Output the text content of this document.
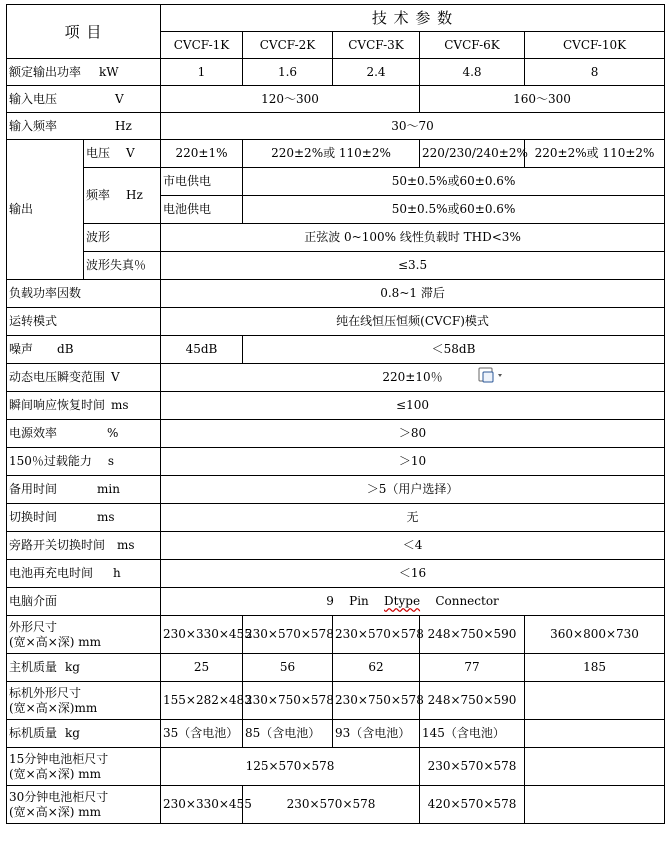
项 目		技 术 参 数				
		CVCF-1K	CVCF-2K	CVCF-3K	CVCF-6K	CVCF-10K
额定输出功率 kW		1	1.6	2.4	4.8	8
输入电压 V		120～300			160～300	
输入频率 Hz		30～70				
输出	电压 V	220±1%	220±2%或 110±2%		220/230/240±2%	220±2%或 110±2%
	频率 Hz	市电供电	50±0.5%或60±0.6%			
		电池供电	50±0.5%或60±0.6%			
	波形	正弦波 0~100% 线性负载时 THD<3%				
	波形失真％	≤3.5				
负载功率因数		0.8~1 滞后				
运转模式		纯在线恒压恒频(CVCF)模式				
噪声 dB		45dB	＜58dB			
动态电压瞬变范围 V		220±10％				
瞬间响应恢复时间 ms		≤100				
电源效率 %		＞80				
150％过载能力 s		＞10				
备用时间 min		＞5（用户选择）				
切换时间 ms		无				
旁路开关切换时间 ms		＜4				
电池再充电时间 h		＜16				
电脑介面		9    Pin    Dtype    Connector				
外形尺寸
(宽×高×深) mm		230×330×455	230×570×578	230×570×578	248×750×590	360×800×730
主机质量 kg		25	56	62	77	185
标机外形尺寸
(宽×高×深)mm		155×282×483	230×750×578	230×750×578	248×750×590	
标机质量 kg		35（含电池）	85（含电池）	93（含电池）	145（含电池）	
15分钟电池柜尺寸
(宽×高×深) mm		125×570×578			230×570×578	
30分钟电池柜尺寸
(宽×高×深) mm		230×330×455	230×570×578		420×570×578	
